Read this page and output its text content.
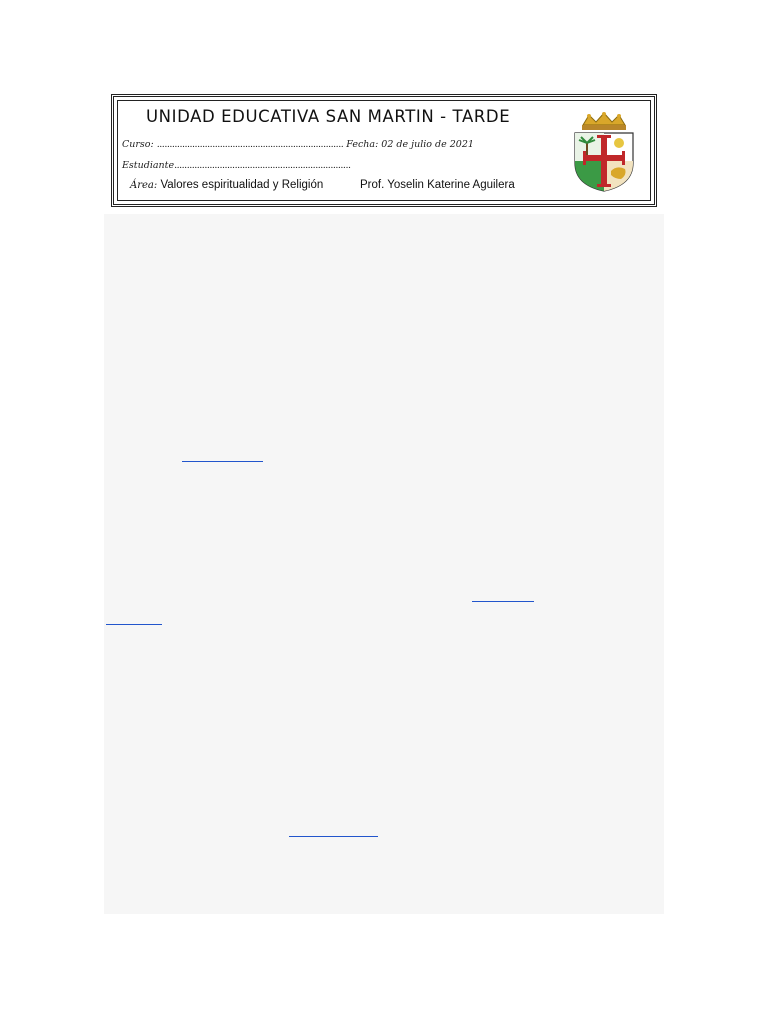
UNIDAD EDUCATIVA SAN MARTIN - TARDE
Curso: .......................................................................... Fecha: 02 de julio de 2021
Estudiante......................................................................
Área: Valores espiritualidad y Religión	Prof. Yoselin Katerine Aguilera
